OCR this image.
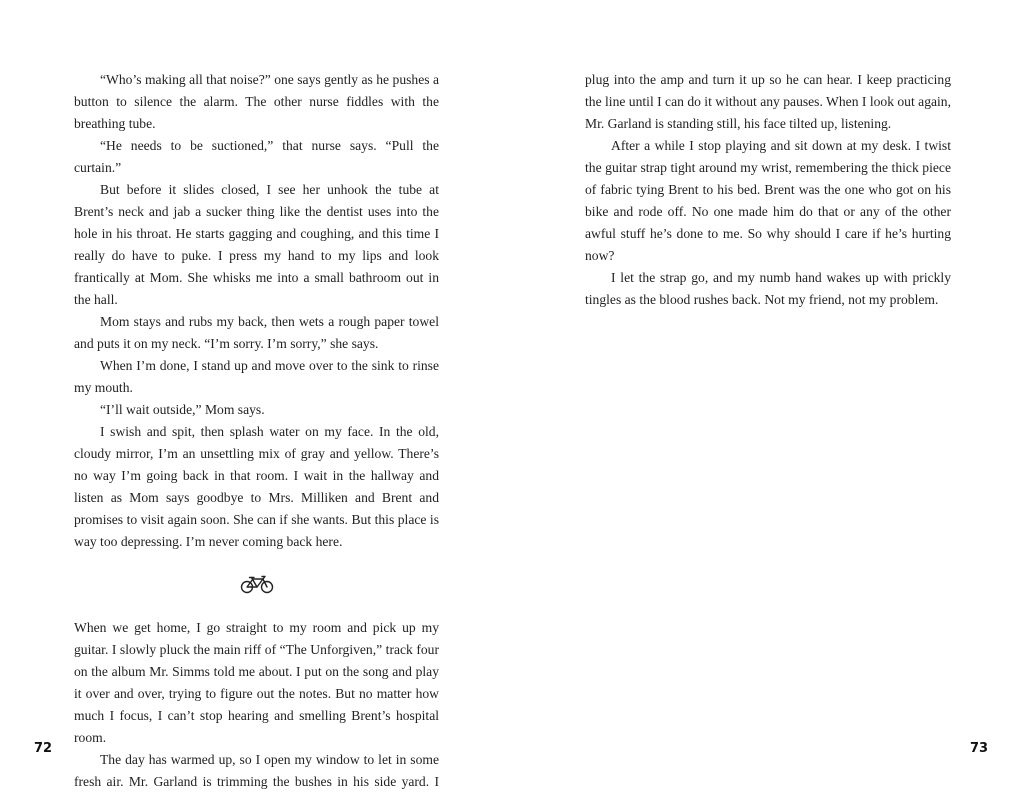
“Who’s making all that noise?” one says gently as he pushes a button to silence the alarm. The other nurse fiddles with the breathing tube.

“He needs to be suctioned,” that nurse says. “Pull the curtain.”

But before it slides closed, I see her unhook the tube at Brent’s neck and jab a sucker thing like the dentist uses into the hole in his throat. He starts gagging and coughing, and this time I really do have to puke. I press my hand to my lips and look frantically at Mom. She whisks me into a small bathroom out in the hall.

Mom stays and rubs my back, then wets a rough paper towel and puts it on my neck. “I’m sorry. I’m sorry,” she says.

When I’m done, I stand up and move over to the sink to rinse my mouth.

“I’ll wait outside,” Mom says.

I swish and spit, then splash water on my face. In the old, cloudy mirror, I’m an unsettling mix of gray and yellow. There’s no way I’m going back in that room. I wait in the hallway and listen as Mom says goodbye to Mrs. Milliken and Brent and promises to visit again soon. She can if she wants. But this place is way too depressing. I’m never coming back here.

When we get home, I go straight to my room and pick up my guitar. I slowly pluck the main riff of “The Unforgiven,” track four on the album Mr. Simms told me about. I put on the song and play it over and over, trying to figure out the notes. But no matter how much I focus, I can’t stop hearing and smelling Brent’s hospital room.

The day has warmed up, so I open my window to let in some fresh air. Mr. Garland is trimming the bushes in his side yard. I

72

plug into the amp and turn it up so he can hear. I keep practicing the line until I can do it without any pauses. When I look out again, Mr. Garland is standing still, his face tilted up, listening.

After a while I stop playing and sit down at my desk. I twist the guitar strap tight around my wrist, remembering the thick piece of fabric tying Brent to his bed. Brent was the one who got on his bike and rode off. No one made him do that or any of the other awful stuff he’s done to me. So why should I care if he’s hurting now?

I let the strap go, and my numb hand wakes up with prickly tingles as the blood rushes back. Not my friend, not my problem.

73
